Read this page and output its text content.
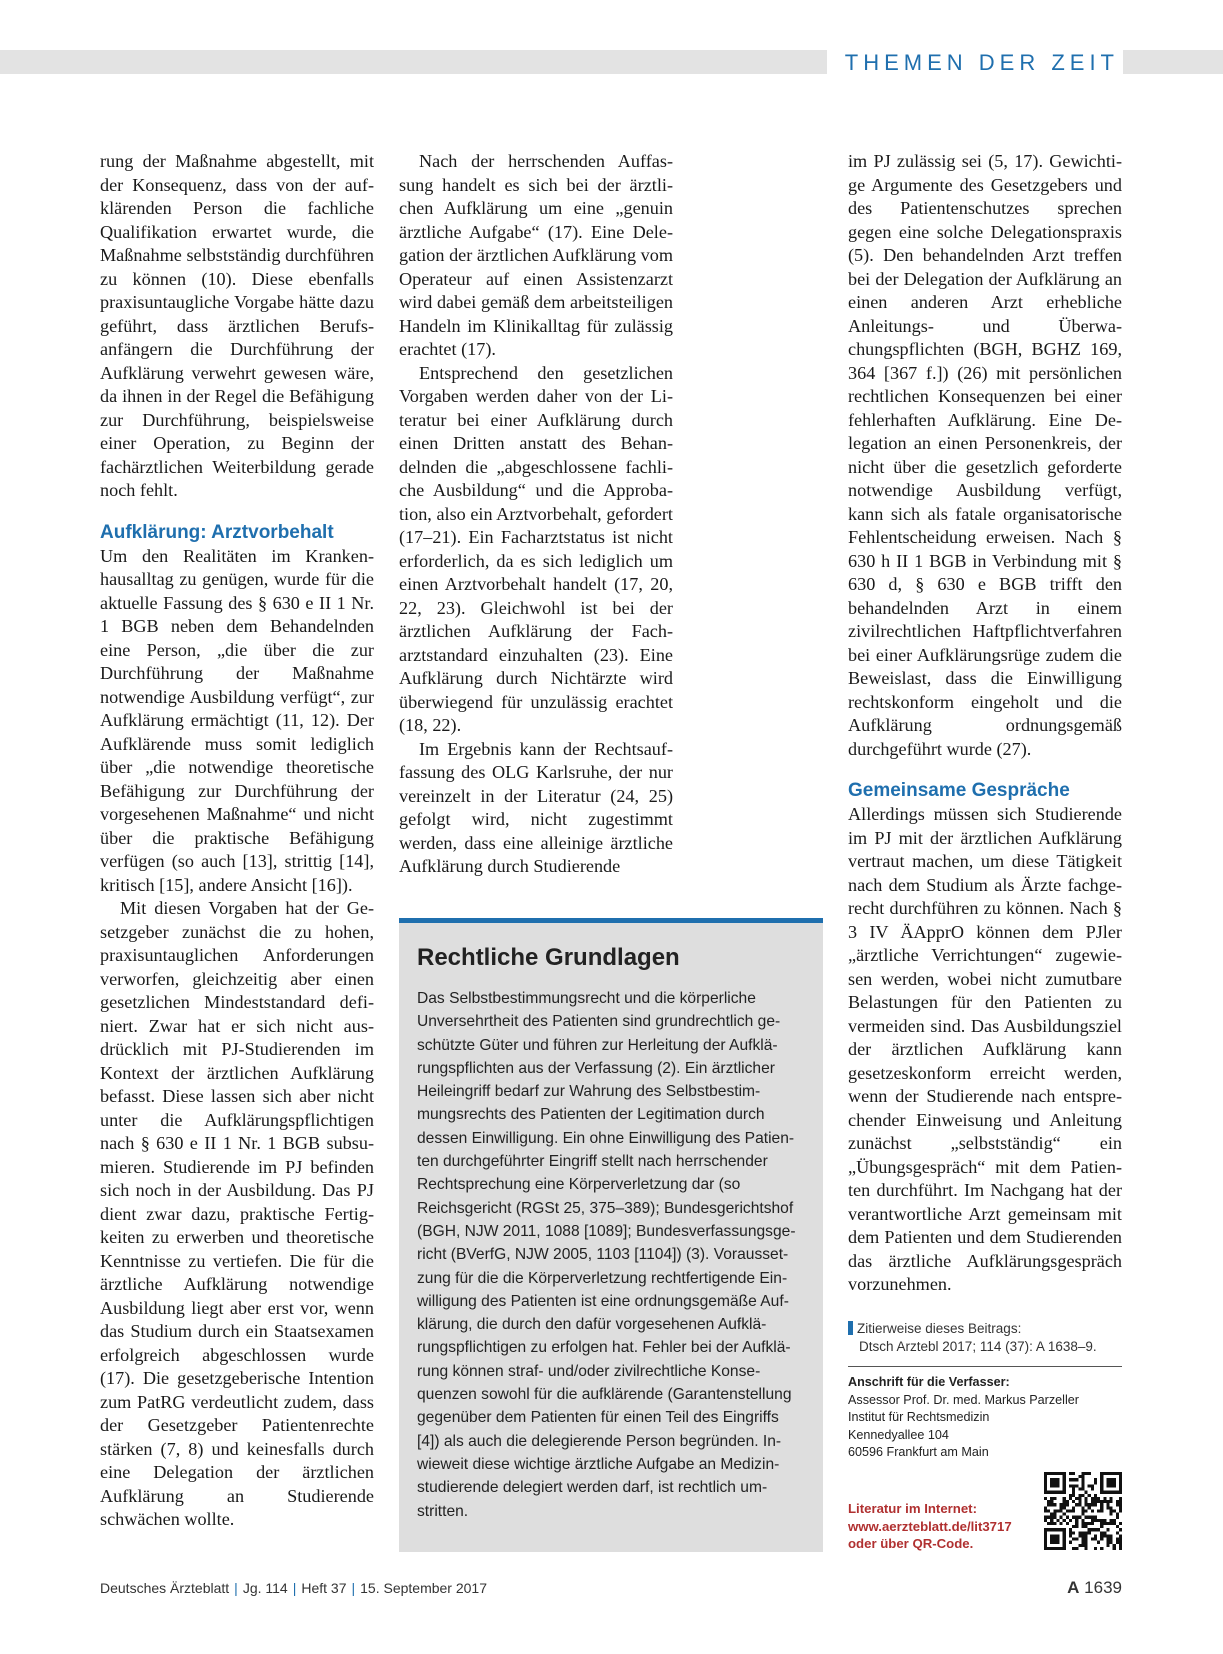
THEMEN DER ZEIT

rung der Maßnahme abgestellt, mit der Konsequenz, dass von der aufklärenden Person die fachliche Qualifikation erwartet wurde, die Maßnahme selbstständig durchführen zu können (10). Diese ebenfalls praxisuntaugliche Vorgabe hätte dazu geführt, dass ärztlichen Berufsanfängern die Durchführung der Aufklärung verwehrt gewesen wäre, da ihnen in der Regel die Befähigung zur Durchführung, beispielsweise einer Operation, zu Beginn der fachärztlichen Weiterbildung gerade noch fehlt.

Aufklärung: Arztvorbehalt

Um den Realitäten im Krankenhausalltag zu genügen, wurde für die aktuelle Fassung des § 630 e II 1 Nr. 1 BGB neben dem Behandelnden eine Person, „die über die zur Durchführung der Maßnahme notwendige Ausbildung verfügt“, zur Aufklärung ermächtigt (11, 12). Der Aufklärende muss somit lediglich über „die notwendige theoretische Befähigung zur Durchführung der vorgesehenen Maßnahme“ und nicht über die praktische Befähigung verfügen (so auch [13], strittig [14], kritisch [15], andere Ansicht [16]).

Mit diesen Vorgaben hat der Gesetzgeber zunächst die zu hohen, praxisuntauglichen Anforderungen verworfen, gleichzeitig aber einen gesetzlichen Mindeststandard definiert. Zwar hat er sich nicht ausdrücklich mit PJ-Studierenden im Kontext der ärztlichen Aufklärung befasst. Diese lassen sich aber nicht unter die Aufklärungspflichtigen nach § 630 e II 1 Nr. 1 BGB subsumieren. Studierende im PJ befinden sich noch in der Ausbildung. Das PJ dient zwar dazu, praktische Fertigkeiten zu erwerben und theoretische Kenntnisse zu vertiefen. Die für die ärztliche Aufklärung notwendige Ausbildung liegt aber erst vor, wenn das Studium durch ein Staatsexamen erfolgreich abgeschlossen wurde (17). Die gesetzgeberische Intention zum PatRG verdeutlicht zudem, dass der Gesetzgeber Patientenrechte stärken (7, 8) und keinesfalls durch eine Delegation der ärztlichen Aufklärung an Studierende schwächen wollte.

Nach der herrschenden Auffassung handelt es sich bei der ärztlichen Aufklärung um eine „genuin ärztliche Aufgabe“ (17). Eine Delegation der ärztlichen Aufklärung vom Operateur auf einen Assistenzarzt wird dabei gemäß dem arbeitsteiligen Handeln im Klinikalltag für zulässig erachtet (17).

Entsprechend den gesetzlichen Vorgaben werden daher von der Literatur bei einer Aufklärung durch einen Dritten anstatt des Behandelnden die „abgeschlossene fachliche Ausbildung“ und die Approbation, also ein Arztvorbehalt, gefordert (17–21). Ein Facharztstatus ist nicht erforderlich, da es sich lediglich um einen Arztvorbehalt handelt (17, 20, 22, 23). Gleichwohl ist bei der ärztlichen Aufklärung der Facharztstandard einzuhalten (23). Eine Aufklärung durch Nichtärzte wird überwiegend für unzulässig erachtet (18, 22).

Im Ergebnis kann der Rechtsauffassung des OLG Karlsruhe, der nur vereinzelt in der Literatur (24, 25) gefolgt wird, nicht zugestimmt werden, dass eine alleinige ärztliche Aufklärung durch Studierende

Rechtliche Grundlagen
Das Selbstbestimmungsrecht und die körperliche Unversehrtheit des Patienten sind grundrechtlich geschützte Güter und führen zur Herleitung der Aufklärungspflichten aus der Verfassung (2). Ein ärztlicher Heileingriff bedarf zur Wahrung des Selbstbestimmungsrechts des Patienten der Legitimation durch dessen Einwilligung. Ein ohne Einwilligung des Patienten durchgeführter Eingriff stellt nach herrschender Rechtsprechung eine Körperverletzung dar (so Reichsgericht (RGSt 25, 375–389); Bundesgerichtshof (BGH, NJW 2011, 1088 [1089]; Bundesverfassungsgericht (BVerfG, NJW 2005, 1103 [1104]) (3). Voraussetzung für die die Körperverletzung rechtfertigende Einwilligung des Patienten ist eine ordnungsgemäße Aufklärung, die durch den dafür vorgesehenen Aufklärungspflichtigen zu erfolgen hat. Fehler bei der Aufklärung können straf- und/oder zivilrechtliche Konsequenzen sowohl für die aufklärende (Garantenstellung gegenüber dem Patienten für einen Teil des Eingriffs [4]) als auch die delegierende Person begründen. Inwieweit diese wichtige ärztliche Aufgabe an Medizinstudierende delegiert werden darf, ist rechtlich umstritten.

im PJ zulässig sei (5, 17). Gewichtige Argumente des Gesetzgebers und des Patientenschutzes sprechen gegen eine solche Delegationspraxis (5). Den behandelnden Arzt treffen bei der Delegation der Aufklärung an einen anderen Arzt erhebliche Anleitungs- und Überwachungspflichten (BGH, BGHZ 169, 364 [367 f.]) (26) mit persönlichen rechtlichen Konsequenzen bei einer fehlerhaften Aufklärung. Eine Delegation an einen Personenkreis, der nicht über die gesetzlich geforderte notwendige Ausbildung verfügt, kann sich als fatale organisatorische Fehlentscheidung erweisen. Nach § 630 h II 1 BGB in Verbindung mit § 630 d, § 630 e BGB trifft den behandelnden Arzt in einem zivilrechtlichen Haftpflichtverfahren bei einer Aufklärungsrüge zudem die Beweislast, dass die Einwilligung rechtskonform eingeholt und die Aufklärung ordnungsgemäß durchgeführt wurde (27).

Gemeinsame Gespräche

Allerdings müssen sich Studierende im PJ mit der ärztlichen Aufklärung vertraut machen, um diese Tätigkeit nach dem Studium als Ärzte fachgerecht durchführen zu können. Nach § 3 IV ÄApprO können dem PJler „ärztliche Verrichtungen“ zugewiesen werden, wobei nicht zumutbare Belastungen für den Patienten zu vermeiden sind. Das Ausbildungsziel der ärztlichen Aufklärung kann gesetzeskonform erreicht werden, wenn der Studierende nach entsprechender Einweisung und Anleitung zunächst „selbstständig“ ein „Übungsgespräch“ mit dem Patienten durchführt. Im Nachgang hat der verantwortliche Arzt gemeinsam mit dem Patienten und dem Studierenden das ärztliche Aufklärungsgespräch vorzunehmen.

Zitierweise dieses Beitrags:
Dtsch Arztebl 2017; 114 (37): A 1638–9.
Anschrift für die Verfasser:
Assessor Prof. Dr. med. Markus Parzeller
Institut für Rechtsmedizin
Kennedyallee 104
60596 Frankfurt am Main
Literatur im Internet:
www.aerzteblatt.de/lit3717
oder über QR-Code.
Deutsches Ärzteblatt | Jg. 114 | Heft 37 | 15. September 2017	A 1639
